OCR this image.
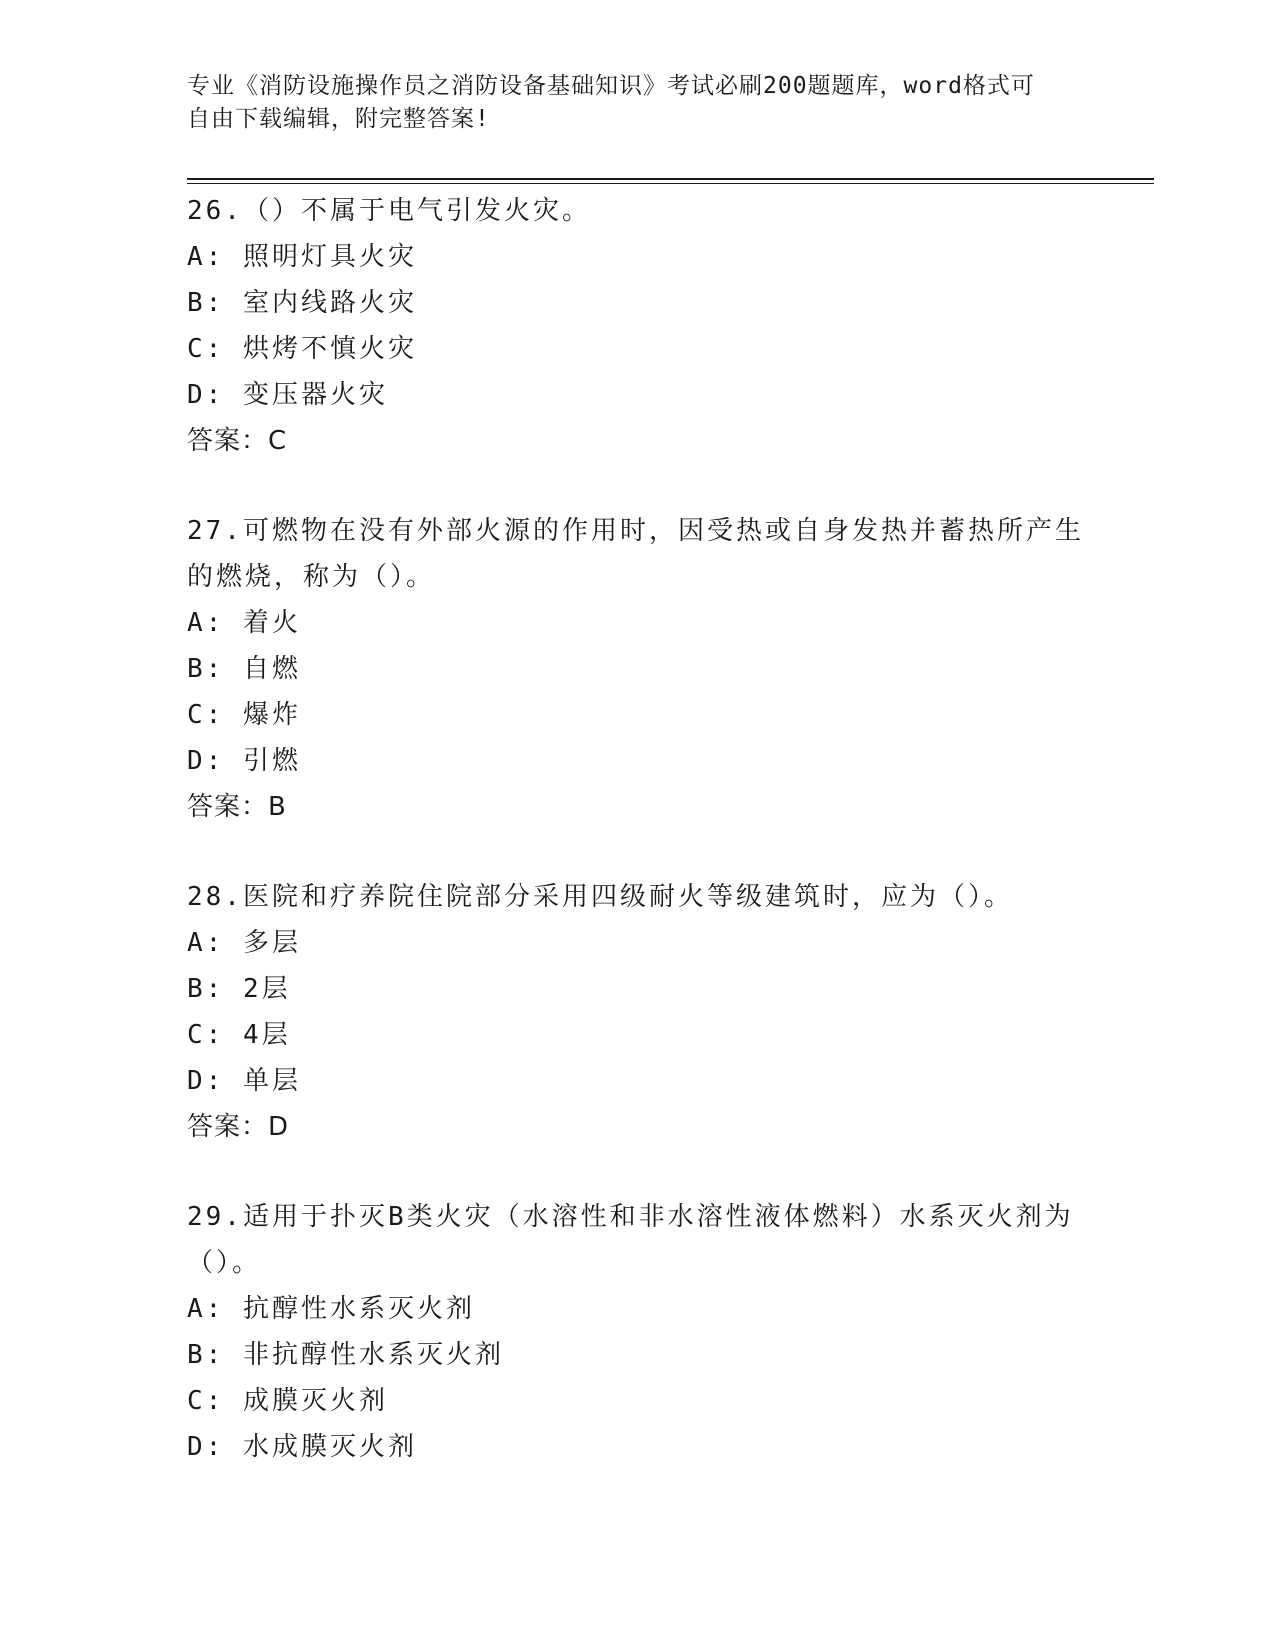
专业《消防设施操作员之消防设备基础知识》考试必刷200题题库，word格式可
自由下载编辑，附完整答案!

26.（）不属于电气引发火灾。

A: 照明灯具火灾

B: 室内线路火灾

C: 烘烤不慎火灾

D: 变压器火灾

答案：C

27.可燃物在没有外部火源的作用时，因受热或自身发热并蓄热所产生的燃烧，称为（）。

A: 着火

B: 自燃

C: 爆炸

D: 引燃

答案：B

28.医院和疗养院住院部分采用四级耐火等级建筑时，应为（）。

A: 多层

B: 2层

C: 4层

D: 单层

答案：D

29.适用于扑灭B类火灾（水溶性和非水溶性液体燃料）水系灭火剂为（）。

A: 抗醇性水系灭火剂

B: 非抗醇性水系灭火剂

C: 成膜灭火剂

D: 水成膜灭火剂
